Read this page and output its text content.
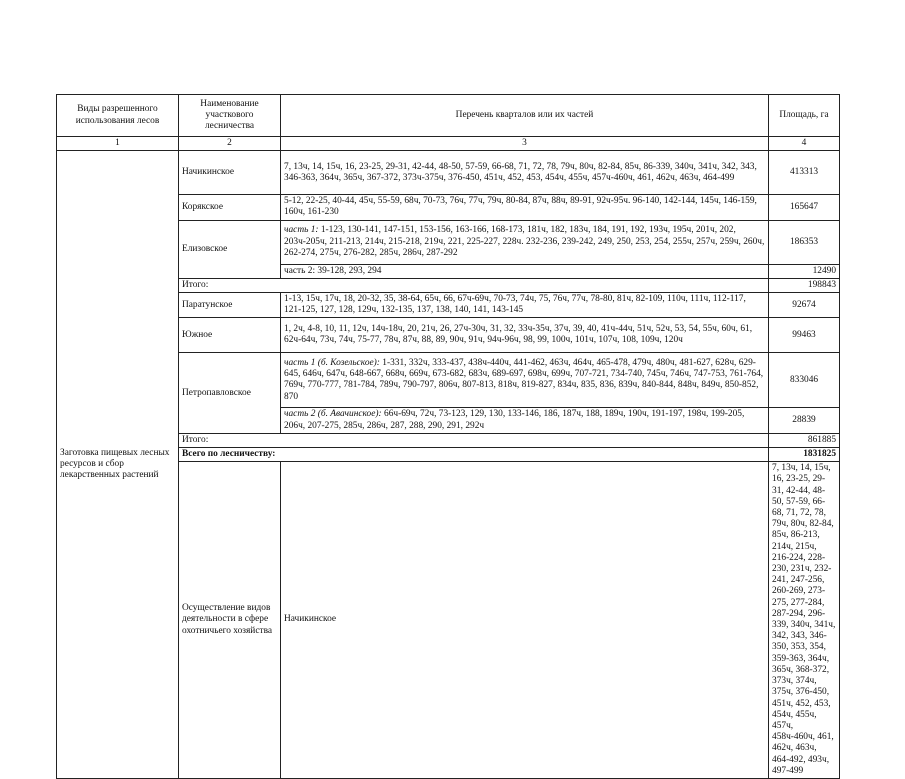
Виды разрешенного использования лесов	Наименование участкового лесничества	Перечень кварталов или их частей	Площадь, га	
1	2	3	4	
Заготовка пищевых лесных ресурсов и сбор лекарственных растений	Начикинское	7, 13ч, 14, 15ч, 16, 23-25, 29-31, 42-44, 48-50, 57-59, 66-68, 71, 72, 78, 79ч, 80ч, 82-84, 85ч, 86-339, 340ч, 341ч, 342, 343, 346-363, 364ч, 365ч, 367-372, 373ч-375ч, 376-450, 451ч, 452, 453, 454ч, 455ч, 457ч-460ч, 461, 462ч, 463ч, 464-499	413313	
	Корякское	5-12, 22-25, 40-44, 45ч, 55-59, 68ч, 70-73, 76ч, 77ч, 79ч, 80-84, 87ч, 88ч, 89-91, 92ч-95ч. 96-140, 142-144, 145ч, 146-159, 160ч, 161-230	165647	
	Елизовское	часть 1: 1-123, 130-141, 147-151, 153-156, 163-166, 168-173, 181ч, 182, 183ч, 184, 191, 192, 193ч, 195ч, 201ч, 202, 203ч-205ч, 211-213, 214ч, 215-218, 219ч, 221, 225-227, 228ч. 232-236, 239-242, 249, 250, 253, 254, 255ч, 257ч, 259ч, 260ч, 262-274, 275ч, 276-282, 285ч, 286ч, 287-292	186353	
		часть 2: 39-128, 293, 294	12490	
	Итого:		198843	
	Паратунское	1-13, 15ч, 17ч, 18, 20-32, 35, 38-64, 65ч, 66, 67ч-69ч, 70-73, 74ч, 75, 76ч, 77ч, 78-80, 81ч, 82-109, 110ч, 111ч, 112-117, 121-125, 127, 128, 129ч, 132-135, 137, 138, 140, 141, 143-145	92674	
	Южное	1, 2ч, 4-8, 10, 11, 12ч, 14ч-18ч, 20, 21ч, 26, 27ч-30ч, 31, 32, 33ч-35ч, 37ч, 39, 40, 41ч-44ч, 51ч, 52ч, 53, 54, 55ч, 60ч, 61, 62ч-64ч, 73ч, 74ч, 75-77, 78ч, 87ч, 88, 89, 90ч, 91ч, 94ч-96ч, 98, 99, 100ч, 101ч, 107ч, 108, 109ч, 120ч	99463	
	Петропавловское	часть 1 (б. Козельское): 1-331, 332ч, 333-437, 438ч-440ч, 441-462, 463ч, 464ч, 465-478, 479ч, 480ч, 481-627, 628ч, 629-645, 646ч, 647ч, 648-667, 668ч, 669ч, 673-682, 683ч, 689-697, 698ч, 699ч, 707-721, 734-740, 745ч, 746ч, 747-753, 761-764, 769ч, 770-777, 781-784, 789ч, 790-797, 806ч, 807-813, 818ч, 819-827, 834ч, 835, 836, 839ч, 840-844, 848ч, 849ч, 850-852, 870	833046	
		часть 2 (б. Авачинское): 66ч-69ч, 72ч, 73-123, 129, 130, 133-146, 186, 187ч, 188, 189ч, 190ч, 191-197, 198ч, 199-205, 206ч, 207-275, 285ч, 286ч, 287, 288, 290, 291, 292ч	28839	
	Итого:		861885	
	Всего по лесничеству:		1831825	
	Осуществление видов деятельности в сфере охотничьего хозяйства	Начикинское	7, 13ч, 14, 15ч, 16, 23-25, 29-31, 42-44, 48-50, 57-59, 66-68, 71, 72, 78, 79ч, 80ч, 82-84, 85ч, 86-213, 214ч, 215ч, 216-224, 228-230, 231ч, 232-241, 247-256, 260-269, 273-275, 277-284, 287-294, 296-339, 340ч, 341ч, 342, 343, 346-350, 353, 354, 359-363, 364ч, 365ч, 368-372, 373ч, 374ч, 375ч, 376-450, 451ч, 452, 453, 454ч, 455ч, 457ч, 458ч-460ч, 461, 462ч, 463ч, 464-492, 493ч, 497-499	
